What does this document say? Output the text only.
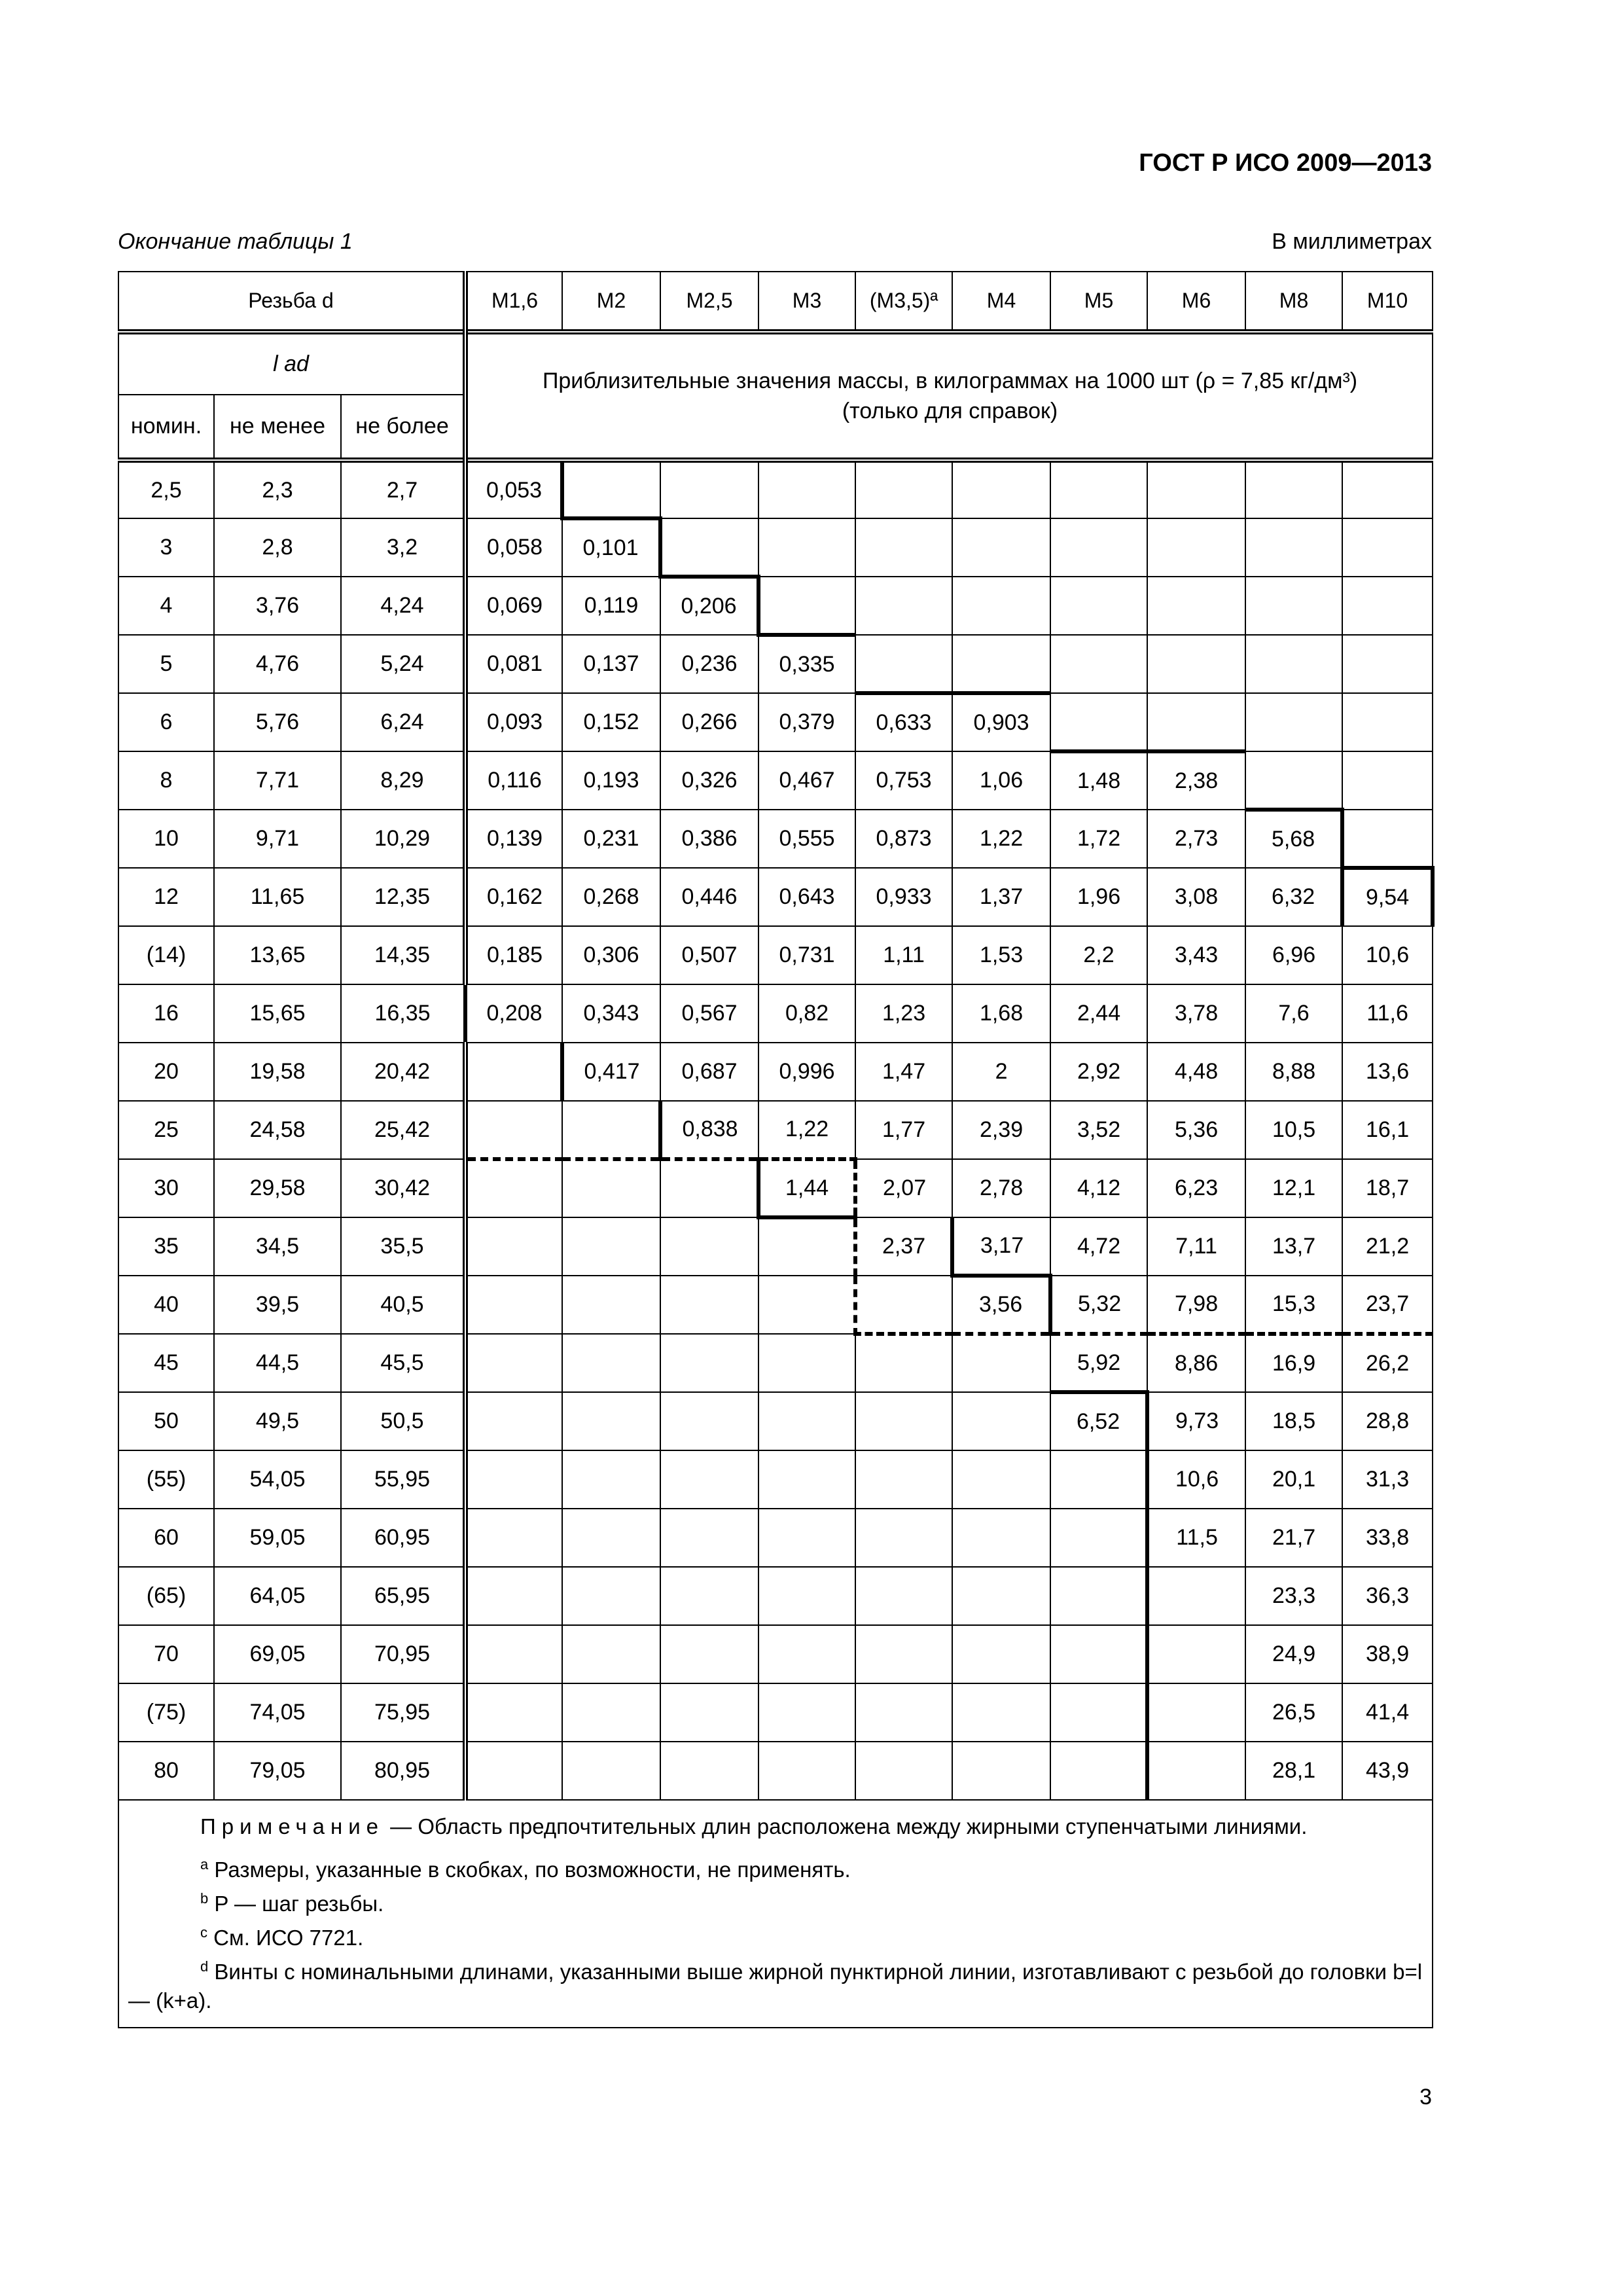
ГОСТ Р ИСО 2009—2013
Окончание таблицы 1	В миллиметрах
Резьба d			M1,6	M2	M2,5	M3	(M3,5)ª	M4	M5	M6	M8	M10
l ad			Приблизительные значения массы, в килограммах на 1000 шт (ρ = 7,85 кг/дм³)
(только для справок)									

номин.	не менее	не более										
2,5	2,3	2,7	0,053									
3	2,8	3,2	0,058	0,101								
4	3,76	4,24	0,069	0,119	0,206							
5	4,76	5,24	0,081	0,137	0,236	0,335						
6	5,76	6,24	0,093	0,152	0,266	0,379	0,633	0,903				
8	7,71	8,29	0,116	0,193	0,326	0,467	0,753	1,06	1,48	2,38		
10	9,71	10,29	0,139	0,231	0,386	0,555	0,873	1,22	1,72	2,73	5,68	
12	11,65	12,35	0,162	0,268	0,446	0,643	0,933	1,37	1,96	3,08	6,32	9,54
(14)	13,65	14,35	0,185	0,306	0,507	0,731	1,11	1,53	2,2	3,43	6,96	10,6
16	15,65	16,35	0,208	0,343	0,567	0,82	1,23	1,68	2,44	3,78	7,6	11,6
20	19,58	20,42		0,417	0,687	0,996	1,47	2	2,92	4,48	8,88	13,6
25	24,58	25,42			0,838	1,22	1,77	2,39	3,52	5,36	10,5	16,1
30	29,58	30,42				1,44	2,07	2,78	4,12	6,23	12,1	18,7
35	34,5	35,5					2,37	3,17	4,72	7,11	13,7	21,2
40	39,5	40,5						3,56	5,32	7,98	15,3	23,7
45	44,5	45,5							5,92	8,86	16,9	26,2
50	49,5	50,5							6,52	9,73	18,5	28,8
(55)	54,05	55,95								10,6	20,1	31,3
60	59,05	60,95								11,5	21,7	33,8
(65)	64,05	65,95									23,3	36,3
70	69,05	70,95									24,9	38,9
(75)	74,05	75,95									26,5	41,4
80	79,05	80,95									28,1	43,9

Примечание — Область предпочтительных длин расположена между жирными ступенчатыми линиями.
$^a$ Размеры, указанные в скобках, по возможности, не применять.
$^b$ P — шаг резьбы.
$^c$ См. ИСО 7721.
$^d$ Винты с номинальными длинами, указанными выше жирной пунктирной линии, изготавливают с резьбой до головки b=l — (k+a).												
3
